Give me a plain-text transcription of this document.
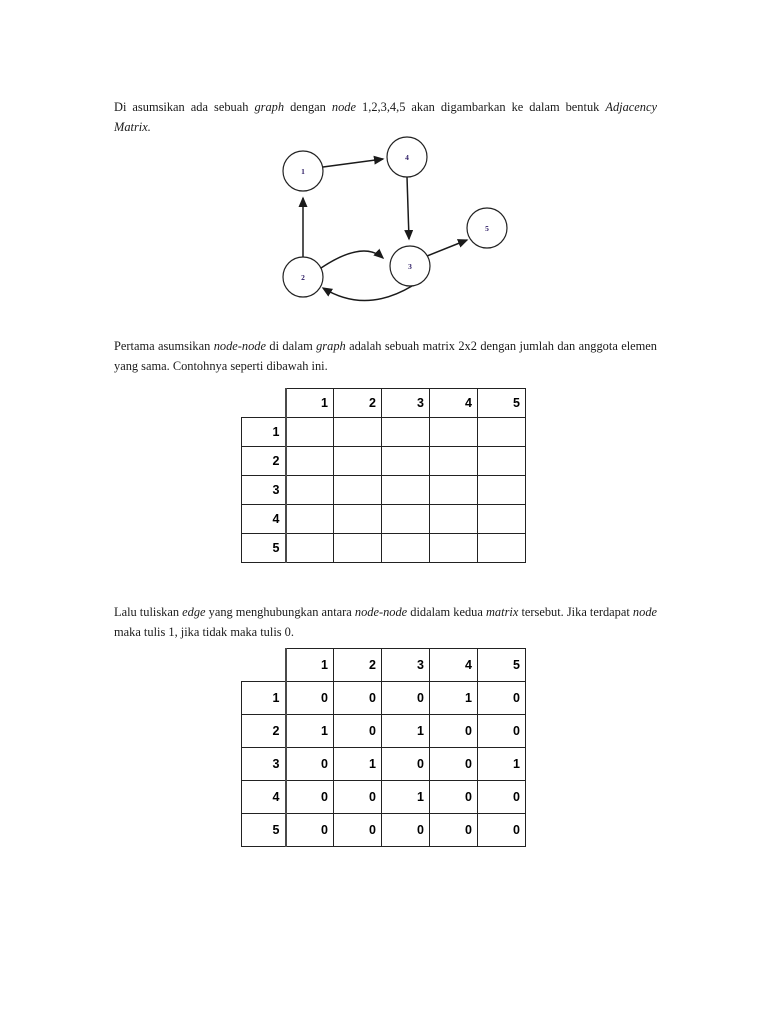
Di asumsikan ada sebuah graph dengan node 1,2,3,4,5 akan digambarkan ke dalam bentuk Adjacency Matrix.

1
2
3
4
5

Pertama asumsikan node-node di dalam graph adalah sebuah matrix 2x2 dengan jumlah dan anggota elemen yang sama. Contohnya seperti dibawah ini.

	1	2	3	4	5
1					
2					
3					
4					
5					

Lalu tuliskan edge yang menghubungkan antara node-node didalam kedua matrix tersebut. Jika terdapat node maka tulis 1, jika tidak maka tulis 0.

	1	2	3	4	5
1	0	0	0	1	0
2	1	0	1	0	0
3	0	1	0	0	1
4	0	0	1	0	0
5	0	0	0	0	0
